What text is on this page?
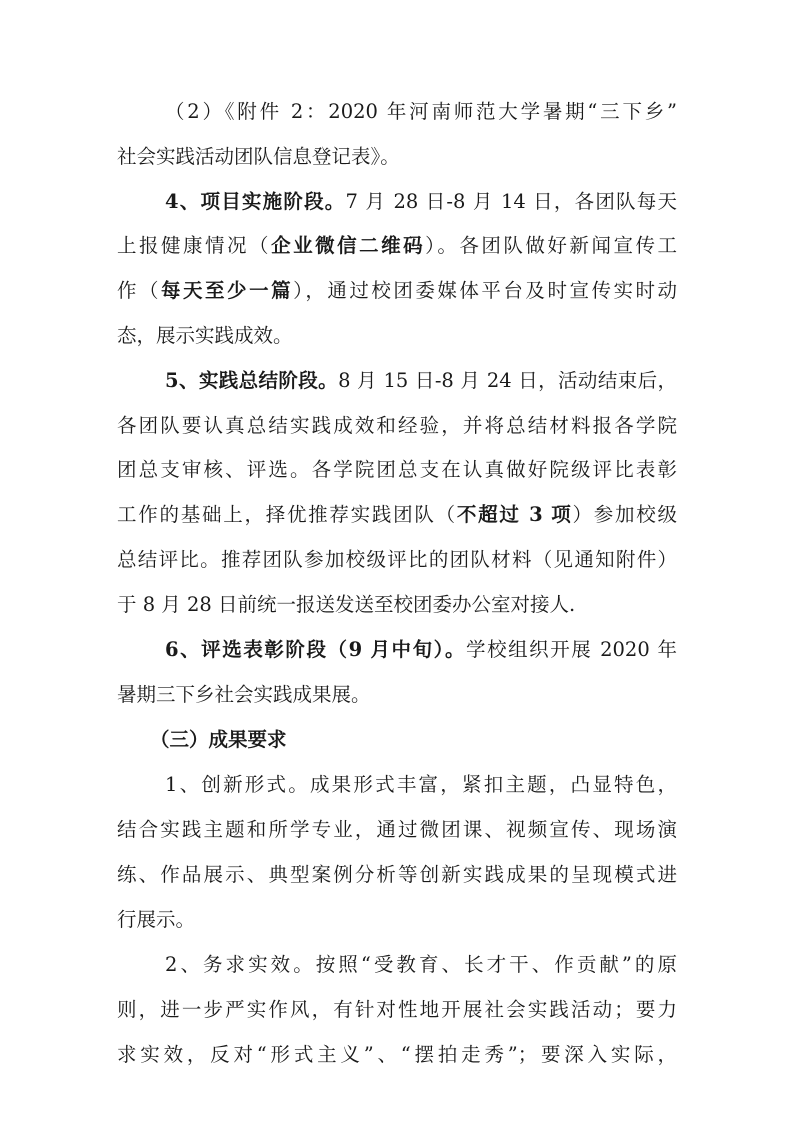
（2）《附件 2：2020 年河南师范大学暑期“三下乡”
社会实践活动团队信息登记表》。
4、项目实施阶段。7 月 28 日-8 月 14 日，各团队每天
上报健康情况（企业微信二维码）。各团队做好新闻宣传工
作（每天至少一篇），通过校团委媒体平台及时宣传实时动
态，展示实践成效。
5、实践总结阶段。8 月 15 日-8 月 24 日，活动结束后，
各团队要认真总结实践成效和经验，并将总结材料报各学院
团总支审核、评选。各学院团总支在认真做好院级评比表彰
工作的基础上，择优推荐实践团队（不超过 3 项）参加校级
总结评比。推荐团队参加校级评比的团队材料（见通知附件）
于 8 月 28 日前统一报送发送至校团委办公室对接人.
6、评选表彰阶段（9 月中旬）。学校组织开展 2020 年
暑期三下乡社会实践成果展。
（三）成果要求
1、创新形式。成果形式丰富，紧扣主题，凸显特色，
结合实践主题和所学专业，通过微团课、视频宣传、现场演
练、作品展示、典型案例分析等创新实践成果的呈现模式进
行展示。
2、务求实效。按照“受教育、长才干、作贡献”的原
则，进一步严实作风，有针对性地开展社会实践活动；要力
求实效，反对“形式主义”、“摆拍走秀”；要深入实际，
